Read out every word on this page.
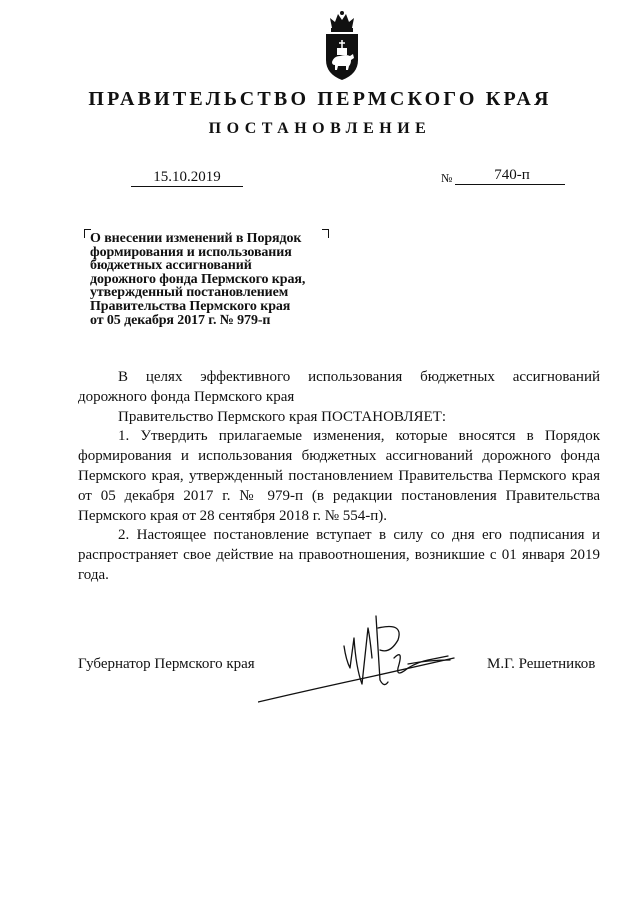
ПРАВИТЕЛЬСТВО ПЕРМСКОГО КРАЯ
ПОСТАНОВЛЕНИЕ
15.10.2019	№	740-п
О внесении изменений в Порядок
формирования и использования
бюджетных ассигнований
дорожного фонда Пермского края,
утвержденный постановлением
Правительства Пермского края
от 05 декабря 2017 г. № 979-п

В целях эффективного использования бюджетных ассигнований дорожного фонда Пермского края

Правительство Пермского края ПОСТАНОВЛЯЕТ:

1. Утвердить прилагаемые изменения, которые вносятся в Порядок формирования и использования бюджетных ассигнований дорожного фонда Пермского края, утвержденный постановлением Правительства Пермского края от 05 декабря 2017 г. № 979-п (в редакции постановления Правительства Пермского края от 28 сентября 2018 г. № 554-п).

2. Настоящее постановление вступает в силу со дня его подписания и распространяет свое действие на правоотношения, возникшие с 01 января 2019 года.

Губернатор Пермского края	М.Г. Решетников
